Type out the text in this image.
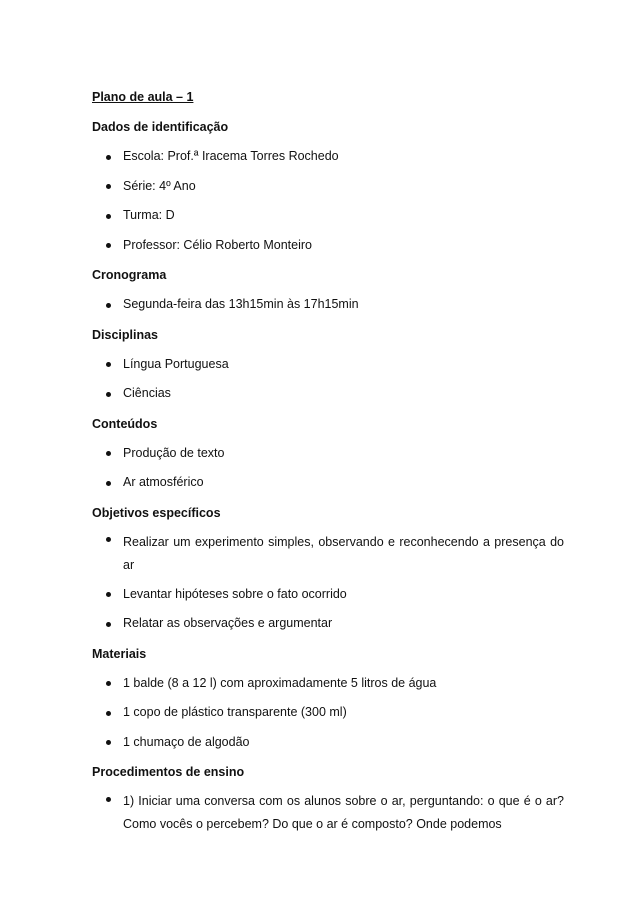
Plano de aula – 1

Dados de identificação

Escola: Prof.ª Iracema Torres Rochedo
Série: 4º Ano
Turma: D
Professor: Célio Roberto Monteiro

Cronograma

Segunda-feira das 13h15min às 17h15min

Disciplinas

Língua Portuguesa
Ciências

Conteúdos

Produção de texto
Ar atmosférico

Objetivos específicos

Realizar um experimento simples, observando e reconhecendo a presença do ar
Levantar hipóteses sobre o fato ocorrido
Relatar as observações e argumentar

Materiais

1 balde (8 a 12 l) com aproximadamente 5 litros de água
1 copo de plástico transparente (300 ml)
1 chumaço de algodão

Procedimentos de ensino

1) Iniciar uma conversa com os alunos sobre o ar, perguntando: o que é o ar? Como vocês o percebem? Do que o ar é composto? Onde podemos
